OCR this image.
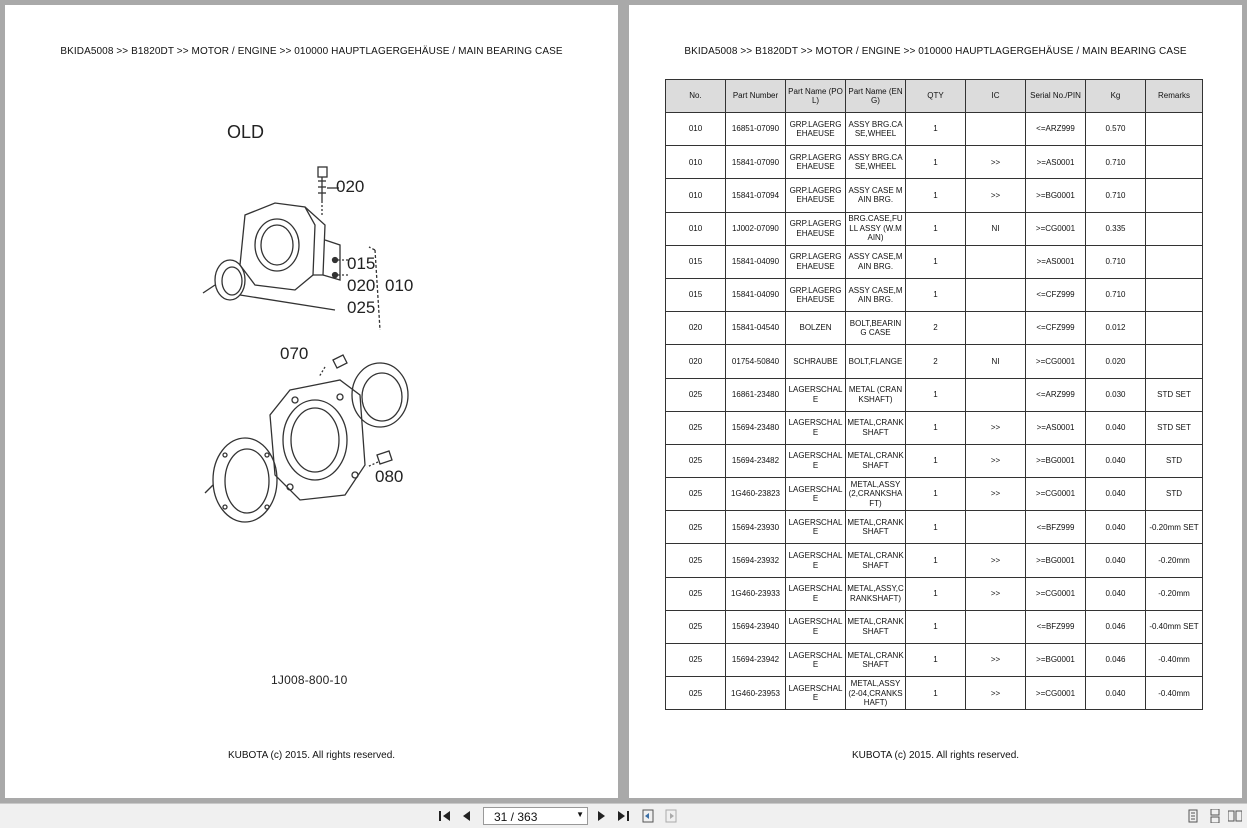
BKIDA5008 >> B1820DT >> MOTOR / ENGINE >> 010000 HAUPTLAGERGEHÄUSE / MAIN BEARING CASE
OLD
020
015
020 010
025
070
080
1J008-800-10
KUBOTA (c) 2015. All rights reserved.
BKIDA5008 >> B1820DT >> MOTOR / ENGINE >> 010000 HAUPTLAGERGEHÄUSE / MAIN BEARING CASE
No.	Part Number	Part Name (POL)	Part Name (ENG)	QTY	IC	Serial No./PIN	Kg	Remarks
010	16851-07090	GRP.LAGERGEHAEUSE	ASSY BRG.CASE,WHEEL	1		<=ARZ999	0.570	
010	15841-07090	GRP.LAGERGEHAEUSE	ASSY BRG.CASE,WHEEL	1	>>	>=AS0001	0.710	
010	15841-07094	GRP.LAGERGEHAEUSE	ASSY CASE MAIN BRG.	1	>>	>=BG0001	0.710	
010	1J002-07090	GRP.LAGERGEHAEUSE	BRG.CASE,FULL ASSY (W.MAIN)	1	NI	>=CG0001	0.335	
015	15841-04090	GRP.LAGERGEHAEUSE	ASSY CASE,MAIN BRG.	1		>=AS0001	0.710	
015	15841-04090	GRP.LAGERGEHAEUSE	ASSY CASE,MAIN BRG.	1		<=CFZ999	0.710	
020	15841-04540	BOLZEN	BOLT,BEARING CASE	2		<=CFZ999	0.012	
020	01754-50840	SCHRAUBE	BOLT,FLANGE	2	NI	>=CG0001	0.020	
025	16861-23480	LAGERSCHALE	METAL (CRANKSHAFT)	1		<=ARZ999	0.030	STD SET
025	15694-23480	LAGERSCHALE	METAL,CRANKSHAFT	1	>>	>=AS0001	0.040	STD SET
025	15694-23482	LAGERSCHALE	METAL,CRANKSHAFT	1	>>	>=BG0001	0.040	STD
025	1G460-23823	LAGERSCHALE	METAL,ASSY (2,CRANKSHAFT)	1	>>	>=CG0001	0.040	STD
025	15694-23930	LAGERSCHALE	METAL,CRANKSHAFT	1		<=BFZ999	0.040	-0.20mm SET
025	15694-23932	LAGERSCHALE	METAL,CRANKSHAFT	1	>>	>=BG0001	0.040	-0.20mm
025	1G460-23933	LAGERSCHALE	METAL,ASSY,CRANKSHAFT)	1	>>	>=CG0001	0.040	-0.20mm
025	15694-23940	LAGERSCHALE	METAL,CRANKSHAFT	1		<=BFZ999	0.046	-0.40mm SET
025	15694-23942	LAGERSCHALE	METAL,CRANKSHAFT	1	>>	>=BG0001	0.046	-0.40mm
025	1G460-23953	LAGERSCHALE	METAL,ASSY (2-04,CRANKSHAFT)	1	>>	>=CG0001	0.040	-0.40mm
KUBOTA (c) 2015. All rights reserved.
31 / 363	▼
